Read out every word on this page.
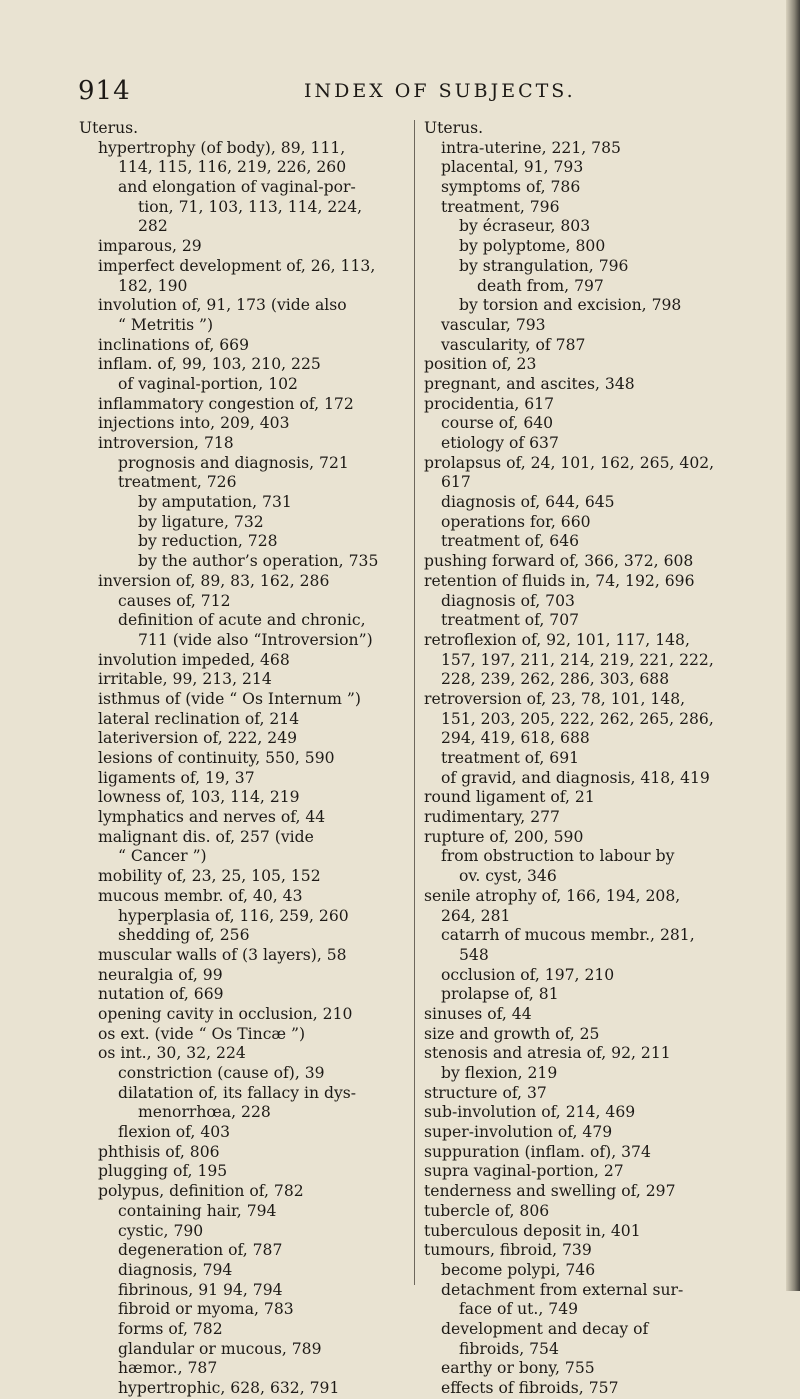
914	INDEX OF SUBJECTS.
Uterus.
hypertrophy (of body), 89, 111,
114, 115, 116, 219, 226, 260
and elongation of vaginal-por-
tion, 71, 103, 113, 114, 224,
282
imparous, 29
imperfect development of, 26, 113,
182, 190
involution of, 91, 173 (vide also
“ Metritis ”)
inclinations of, 669
inflam. of, 99, 103, 210, 225
of vaginal-portion, 102
inflammatory congestion of, 172
injections into, 209, 403
introversion, 718
prognosis and diagnosis, 721
treatment, 726
by amputation, 731
by ligature, 732
by reduction, 728
by the author’s operation, 735
inversion of, 89, 83, 162, 286
causes of, 712
definition of acute and chronic,
711 (vide also “Introversion”)
involution impeded, 468
irritable, 99, 213, 214
isthmus of (vide “ Os Internum ”)
lateral reclination of, 214
lateriversion of, 222, 249
lesions of continuity, 550, 590
ligaments of, 19, 37
lowness of, 103, 114, 219
lymphatics and nerves of, 44
malignant dis. of, 257 (vide
“ Cancer ”)
mobility of, 23, 25, 105, 152
mucous membr. of, 40, 43
hyperplasia of, 116, 259, 260
shedding of, 256
muscular walls of (3 layers), 58
neuralgia of, 99
nutation of, 669
opening cavity in occlusion, 210
os ext. (vide “ Os Tincæ ”)
os int., 30, 32, 224
constriction (cause of), 39
dilatation of, its fallacy in dys-
menorrhœa, 228
flexion of, 403
phthisis of, 806
plugging of, 195
polypus, definition of, 782
containing hair, 794
cystic, 790
degeneration of, 787
diagnosis, 794
fibrinous, 91 94, 794
fibroid or myoma, 783
forms of, 782
glandular or mucous, 789
hæmor., 787
hypertrophic, 628, 632, 791
Uterus.
intra-uterine, 221, 785
placental, 91, 793
symptoms of, 786
treatment, 796
by écraseur, 803
by polyptome, 800
by strangulation, 796
death from, 797
by torsion and excision, 798
vascular, 793
vascularity, of 787
position of, 23
pregnant, and ascites, 348
procidentia, 617
course of, 640
etiology of 637
prolapsus of, 24, 101, 162, 265, 402,
617
diagnosis of, 644, 645
operations for, 660
treatment of, 646
pushing forward of, 366, 372, 608
retention of fluids in, 74, 192, 696
diagnosis of, 703
treatment of, 707
retroflexion of, 92, 101, 117, 148,
157, 197, 211, 214, 219, 221, 222,
228, 239, 262, 286, 303, 688
retroversion of, 23, 78, 101, 148,
151, 203, 205, 222, 262, 265, 286,
294, 419, 618, 688
treatment of, 691
of gravid, and diagnosis, 418, 419
round ligament of, 21
rudimentary, 277
rupture of, 200, 590
from obstruction to labour by
ov. cyst, 346
senile atrophy of, 166, 194, 208,
264, 281
catarrh of mucous membr., 281,
548
occlusion of, 197, 210
prolapse of, 81
sinuses of, 44
size and growth of, 25
stenosis and atresia of, 92, 211
by flexion, 219
structure of, 37
sub-involution of, 214, 469
super-involution of, 479
suppuration (inflam. of), 374
supra vaginal-portion, 27
tenderness and swelling of, 297
tubercle of, 806
tuberculous deposit in, 401
tumours, fibroid, 739
become polypi, 746
detachment from external sur-
face of ut., 749
development and decay of
fibroids, 754
earthy or bony, 755
effects of fibroids, 757
